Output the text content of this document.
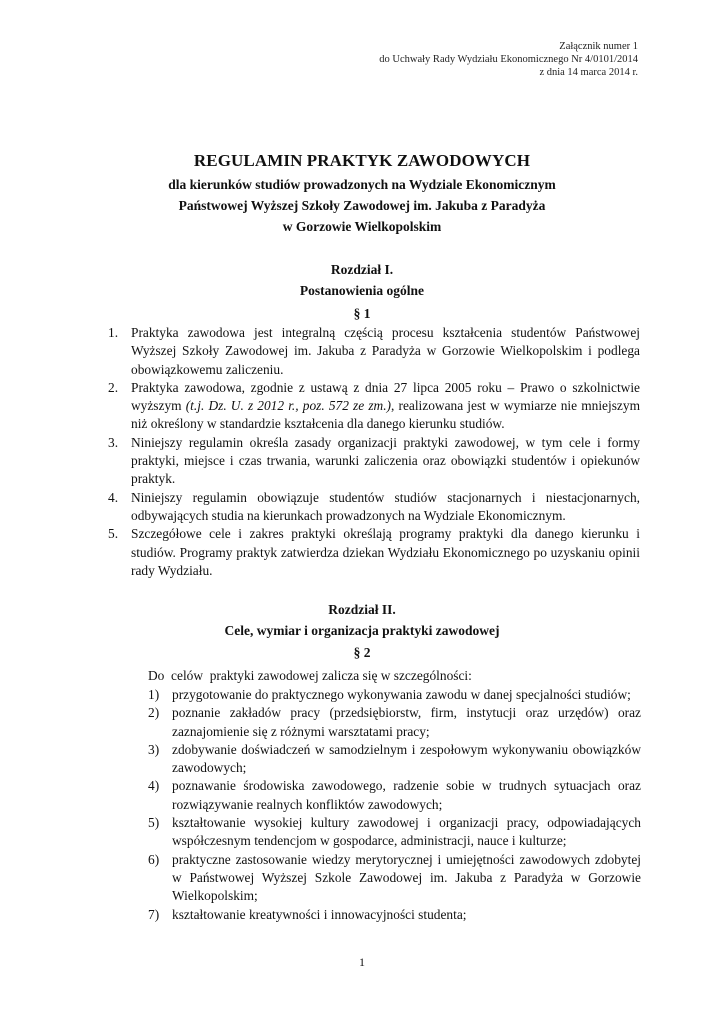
Załącznik numer 1
do Uchwały Rady Wydziału Ekonomicznego Nr 4/0101/2014
z dnia 14 marca 2014 r.
REGULAMIN PRAKTYK ZAWODOWYCH
dla kierunków studiów prowadzonych na Wydziale Ekonomicznym
Państwowej Wyższej Szkoły Zawodowej im. Jakuba z Paradyża
w Gorzowie Wielkopolskim
Rozdział I.
Postanowienia ogólne
§ 1
1. Praktyka zawodowa jest integralną częścią procesu kształcenia studentów Państwowej Wyższej Szkoły Zawodowej im. Jakuba z Paradyża w Gorzowie Wielkopolskim i podlega obowiązkowemu zaliczeniu.
2. Praktyka zawodowa, zgodnie z ustawą z dnia 27 lipca 2005 roku – Prawo o szkolnictwie wyższym (t.j. Dz. U. z 2012 r., poz. 572 ze zm.), realizowana jest w wymiarze nie mniejszym niż określony w standardzie kształcenia dla danego kierunku studiów.
3. Niniejszy regulamin określa zasady organizacji praktyki zawodowej, w tym cele i formy praktyki, miejsce i czas trwania, warunki zaliczenia oraz obowiązki studentów i opiekunów praktyk.
4. Niniejszy regulamin obowiązuje studentów studiów stacjonarnych i niestacjonarnych, odbywających studia na kierunkach prowadzonych na Wydziale Ekonomicznym.
5. Szczegółowe cele i zakres praktyki określają programy praktyki dla danego kierunku i studiów. Programy praktyk zatwierdza dziekan Wydziału Ekonomicznego po uzyskaniu opinii rady Wydziału.
Rozdział II.
Cele, wymiar i organizacja praktyki zawodowej
§ 2
Do  celów  praktyki zawodowej zalicza się w szczególności:
1) przygotowanie do praktycznego wykonywania zawodu w danej specjalności studiów;
2) poznanie zakładów pracy (przedsiębiorstw, firm, instytucji oraz urzędów) oraz zaznajomienie się z różnymi warsztatami pracy;
3) zdobywanie doświadczeń w samodzielnym i zespołowym wykonywaniu obowiązków zawodowych;
4) poznawanie środowiska zawodowego, radzenie sobie w trudnych sytuacjach oraz rozwiązywanie realnych konfliktów zawodowych;
5) kształtowanie wysokiej kultury zawodowej i organizacji pracy, odpowiadających współczesnym tendencjom w gospodarce, administracji, nauce i kulturze;
6) praktyczne zastosowanie wiedzy merytorycznej i umiejętności zawodowych zdobytej w Państwowej Wyższej Szkole Zawodowej im. Jakuba z Paradyża w Gorzowie Wielkopolskim;
7) kształtowanie kreatywności i innowacyjności studenta;
1
